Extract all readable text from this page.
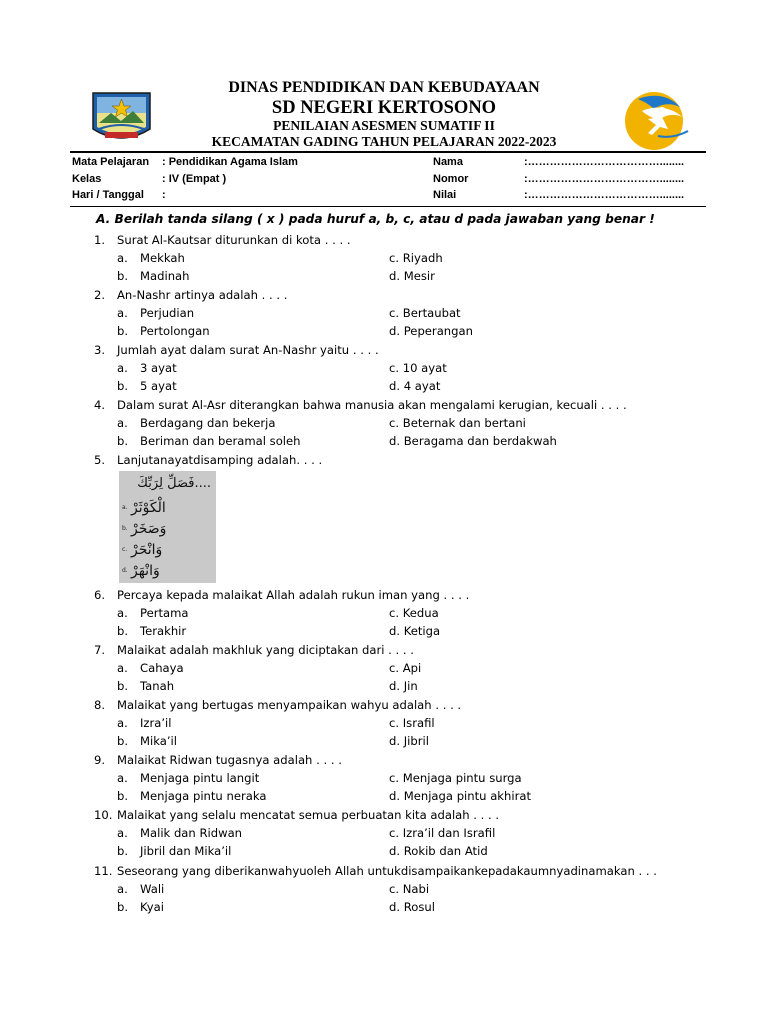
DINAS PENDIDIKAN DAN KEBUDAYAAN
SD NEGERI KERTOSONO
PENILAIAN ASESMEN SUMATIF II
KECAMATAN GADING TAHUN PELAJARAN 2022-2023
Mata Pelajaran : Pendidikan Agama Islam	Nama	:………………………………........
Kelas	: IV (Empat )	Nomor	:………………………………........
Hari / Tanggal :	Nilai	:………………………………........
A. Berilah tanda silang ( x ) pada huruf a, b, c, atau d pada jawaban yang benar !
1. Surat Al-Kautsar diturunkan di kota . . . .
a. Mekkah	c. Riyadh
b. Madinah	d. Mesir
2. An-Nashr artinya adalah . . . .
a. Perjudian	c. Bertaubat
b. Pertolongan	d. Peperangan
3. Jumlah ayat dalam surat An-Nashr yaitu . . . .
a. 3 ayat	c. 10 ayat
b. 5 ayat	d. 4 ayat
4. Dalam surat Al-Asr diterangkan bahwa manusia akan mengalami kerugian, kecuali . . . .
a. Berdagang dan bekerja	c. Beternak dan bertani
b. Beriman dan beramal soleh	d. Beragama dan berdakwah
5. Lanjutanayatdisamping adalah. . . .
فَصَلِّ لِرَبِّكَ....
a. الْكَوْثَرْ
b. وَصَخَرْ
c. وَانْحَرْ
d. وَانْهَرْ
6. Percaya kepada malaikat Allah adalah rukun iman yang . . . .
a. Pertama	c. Kedua
b. Terakhir	d. Ketiga
7. Malaikat adalah makhluk yang diciptakan dari . . . .
a. Cahaya	c. Api
b. Tanah	d. Jin
8. Malaikat yang bertugas menyampaikan wahyu adalah . . . .
a. Izra’il	c. Israfil
b. Mika’il	d. Jibril
9. Malaikat Ridwan tugasnya adalah . . . .
a. Menjaga pintu langit	c. Menjaga pintu surga
b. Menjaga pintu neraka	d. Menjaga pintu akhirat
10. Malaikat yang selalu mencatat semua perbuatan kita adalah . . . .
a. Malik dan Ridwan	c. Izra’il dan Israfil
b. Jibril dan Mika’il	d. Rokib dan Atid
11. Seseorang yang diberikanwahyuoleh Allah untukdisampaikankepadakaumnyadinamakan . . .
a. Wali	c. Nabi
b. Kyai	d. Rosul
